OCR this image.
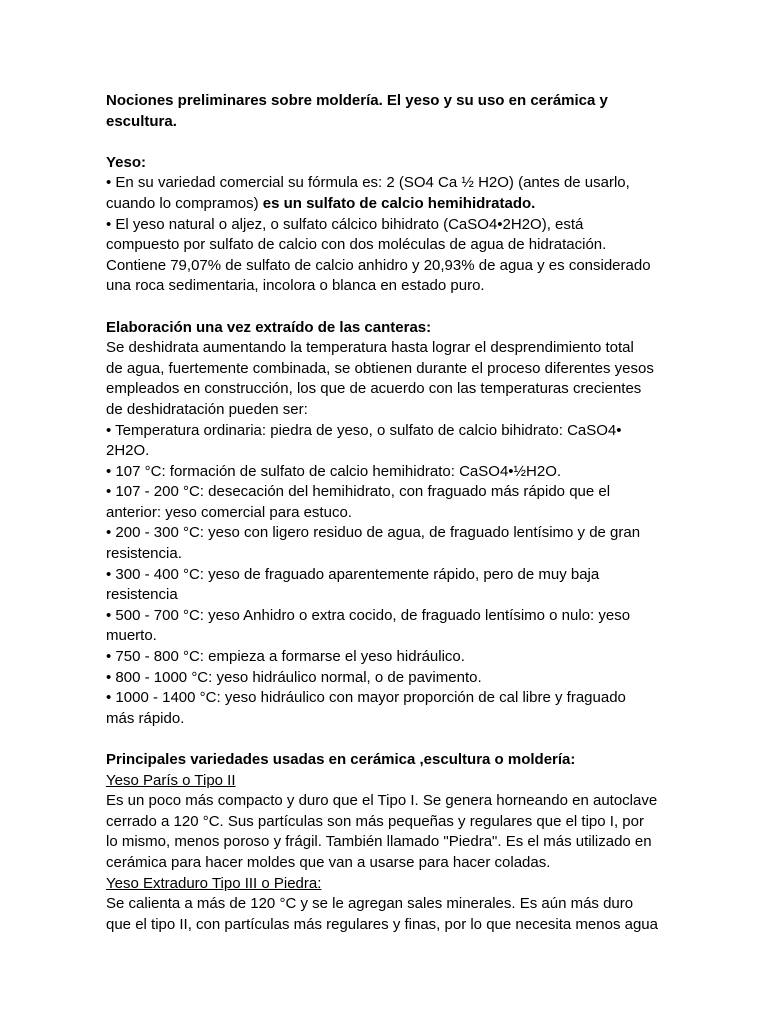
Nociones preliminares sobre moldería. El yeso y su uso en cerámica y
escultura.
Yeso:
• En su variedad comercial su fórmula es: 2 (SO4 Ca ½ H2O) (antes de usarlo,
cuando lo compramos) es un sulfato de calcio hemihidratado.
• El yeso natural o aljez, o sulfato cálcico bihidrato (CaSO4•2H2O), está
compuesto por sulfato de calcio con dos moléculas de agua de hidratación.
Contiene 79,07% de sulfato de calcio anhidro y 20,93% de agua y es considerado
una roca sedimentaria, incolora o blanca en estado puro.
Elaboración una vez extraído de las canteras:
Se deshidrata aumentando la temperatura hasta lograr el desprendimiento total
de agua, fuertemente combinada, se obtienen durante el proceso diferentes yesos
empleados en construcción, los que de acuerdo con las temperaturas crecientes
de deshidratación pueden ser:
• Temperatura ordinaria: piedra de yeso, o sulfato de calcio bihidrato: CaSO4•
2H2O.
• 107 °C: formación de sulfato de calcio hemihidrato: CaSO4•½H2O.
• 107 - 200 °C: desecación del hemihidrato, con fraguado más rápido que el
anterior: yeso comercial para estuco.
• 200 - 300 °C: yeso con ligero residuo de agua, de fraguado lentísimo y de gran
resistencia.
• 300 - 400 °C: yeso de fraguado aparentemente rápido, pero de muy baja
resistencia
• 500 - 700 °C: yeso Anhidro o extra cocido, de fraguado lentísimo o nulo: yeso
muerto.
• 750 - 800 °C: empieza a formarse el yeso hidráulico.
• 800 - 1000 °C: yeso hidráulico normal, o de pavimento.
• 1000 - 1400 °C: yeso hidráulico con mayor proporción de cal libre y fraguado
más rápido.
Principales variedades usadas en cerámica ,escultura o moldería:
Yeso París o Tipo II
Es un poco más compacto y duro que el Tipo I. Se genera horneando en autoclave
cerrado a 120 °C. Sus partículas son más pequeñas y regulares que el tipo I, por
lo mismo, menos poroso y frágil. También llamado "Piedra". Es el más utilizado en
cerámica para hacer moldes que van a usarse para hacer coladas.
Yeso Extraduro Tipo III o Piedra:
Se calienta a más de 120 °C y se le agregan sales minerales. Es aún más duro
que el tipo II, con partículas más regulares y finas, por lo que necesita menos agua
